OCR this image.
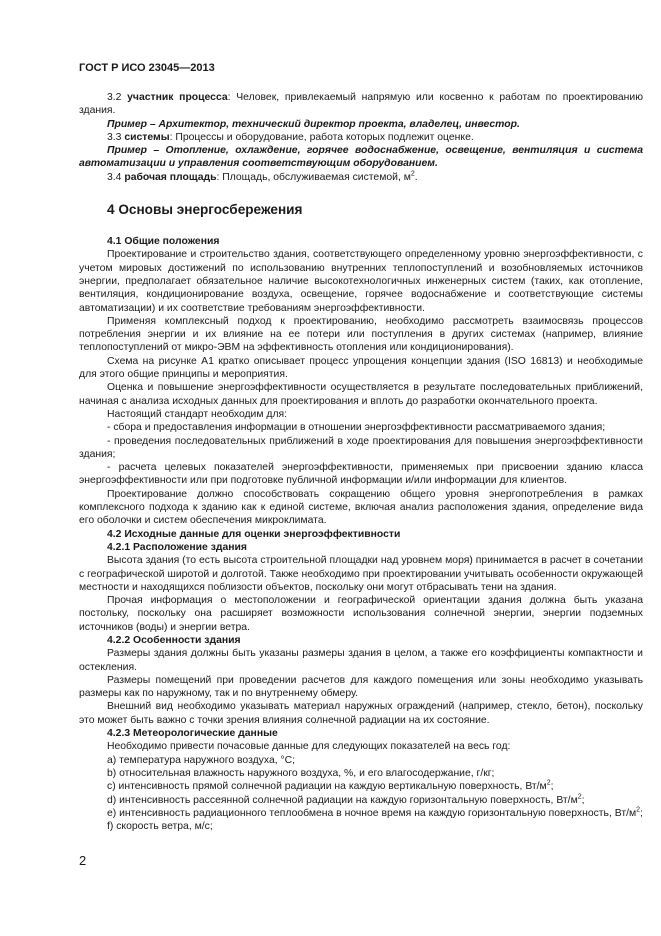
ГОСТ Р ИСО 23045—2013

3.2 участник процесса: Человек, привлекаемый напрямую или косвенно к работам по проектированию здания.

Пример – Архитектор, технический директор проекта, владелец, инвестор.

3.3 системы: Процессы и оборудование, работа которых подлежит оценке.

Пример – Отопление, охлаждение, горячее водоснабжение, освещение, вентиляция и система автоматизации и управления соответствующим оборудованием.

3.4 рабочая площадь: Площадь, обслуживаемая системой, $м^2$.

4 Основы энергосбережения

4.1 Общие положения

Проектирование и строительство здания, соответствующего определенному уровню энергоэффективности, с учетом мировых достижений по использованию внутренних теплопоступлений и возобновляемых источников энергии, предполагает обязательное наличие высокотехнологичных инженерных систем (таких, как отопление, вентиляция, кондиционирование воздуха, освещение, горячее водоснабжение и соответствующие системы автоматизации) и их соответствие требованиям энергоэффективности.

Применяя комплексный подход к проектированию, необходимо рассмотреть взаимосвязь процессов потребления энергии и их влияние на ее потери или поступления в других системах (например, влияние теплопоступлений от микро-ЭВМ на эффективность отопления или кондиционирования).

Схема на рисунке А1 кратко описывает процесс упрощения концепции здания (ISO 16813) и необходимые для этого общие принципы и мероприятия.

Оценка и повышение энергоэффективности осуществляется в результате последовательных приближений, начиная с анализа исходных данных для проектирования и вплоть до разработки окончательного проекта.

Настоящий стандарт необходим для:

- сбора и предоставления информации в отношении энергоэффективности рассматриваемого здания;

- проведения последовательных приближений в ходе проектирования для повышения энергоэффективности здания;

- расчета целевых показателей энергоэффективности, применяемых при присвоении зданию класса энергоэффективности или при подготовке публичной информации и/или информации для клиентов.

Проектирование должно способствовать сокращению общего уровня энергопотребления в рамках комплексного подхода к зданию как к единой системе, включая анализ расположения здания, определение вида его оболочки и систем обеспечения микроклимата.

4.2 Исходные данные для оценки энергоэффективности

4.2.1 Расположение здания

Высота здания (то есть высота строительной площадки над уровнем моря) принимается в расчет в сочетании с географической широтой и долготой. Также необходимо при проектировании учитывать особенности окружающей местности и находящихся поблизости объектов, поскольку они могут отбрасывать тени на здания.

Прочая информация о местоположении и географической ориентации здания должна быть указана постольку, поскольку она расширяет возможности использования солнечной энергии, энергии подземных источников (воды) и энергии ветра.

4.2.2 Особенности здания

Размеры здания должны быть указаны размеры здания в целом, а также его коэффициенты компактности и остекления.

Размеры помещений при проведении расчетов для каждого помещения или зоны необходимо указывать размеры как по наружному, так и по внутреннему обмеру.

Внешний вид необходимо указывать материал наружных ограждений (например, стекло, бетон), поскольку это может быть важно с точки зрения влияния солнечной радиации на их состояние.

4.2.3 Метеорологические данные

Необходимо привести почасовые данные для следующих показателей на весь год:

a) температура наружного воздуха, °С;

b) относительная влажность наружного воздуха, %, и его влагосодержание, г/кг;

с) интенсивность прямой солнечной радиации на каждую вертикальную поверхность, $Вт/м^2$;

d) интенсивность рассеянной солнечной радиации на каждую горизонтальную поверхность, $Вт/м^2$;

e) интенсивность радиационного теплообмена в ночное время на каждую горизонтальную поверхность, $Вт/м^2$;

f) скорость ветра, м/с;

2
